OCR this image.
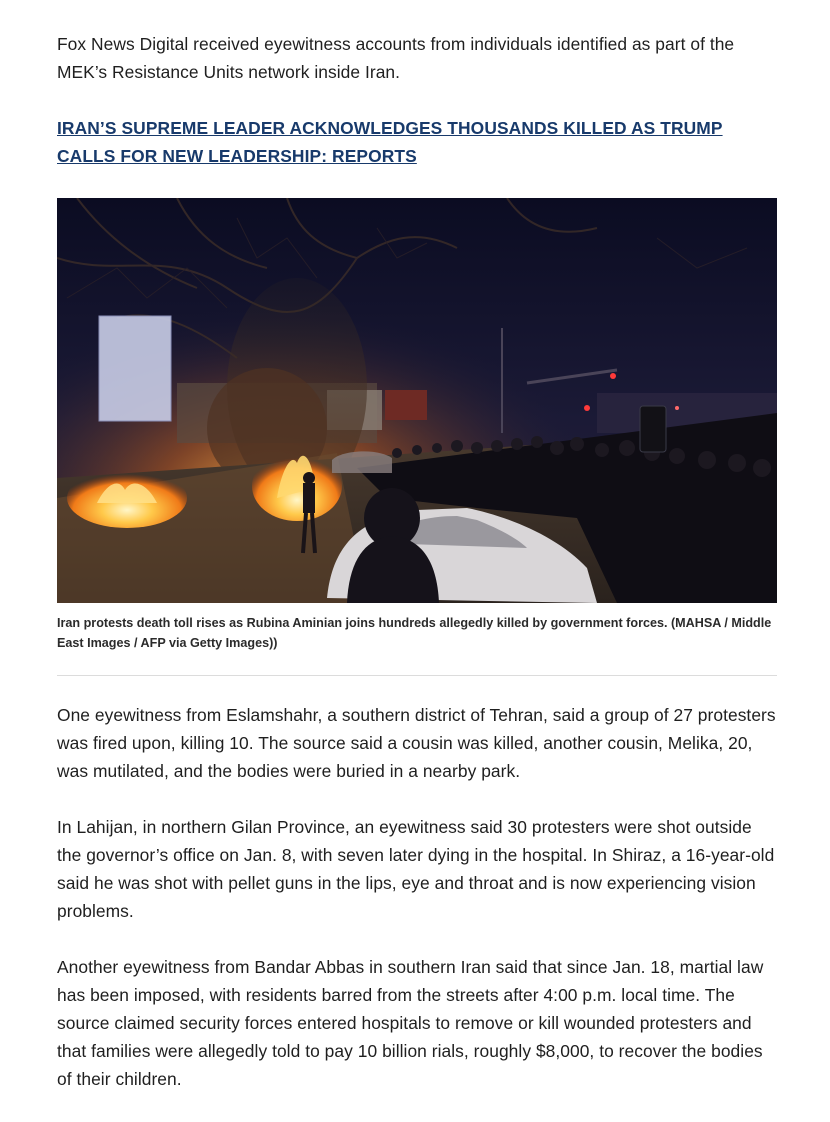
Fox News Digital received eyewitness accounts from individuals identified as part of the MEK’s Resistance Units network inside Iran.

IRAN’S SUPREME LEADER ACKNOWLEDGES THOUSANDS KILLED AS TRUMP CALLS FOR NEW LEADERSHIP: REPORTS
Iran protests death toll rises as Rubina Aminian joins hundreds allegedly killed by government forces. (MAHSA / Middle East Images / AFP via Getty Images))

One eyewitness from Eslamshahr, a southern district of Tehran, said a group of 27 protesters was fired upon, killing 10. The source said a cousin was killed, another cousin, Melika, 20, was mutilated, and the bodies were buried in a nearby park.

In Lahijan, in northern Gilan Province, an eyewitness said 30 protesters were shot outside the governor’s office on Jan. 8, with seven later dying in the hospital. In Shiraz, a 16-year-old said he was shot with pellet guns in the lips, eye and throat and is now experiencing vision problems.

Another eyewitness from Bandar Abbas in southern Iran said that since Jan. 18, martial law has been imposed, with residents barred from the streets after 4:00 p.m. local time. The source claimed security forces entered hospitals to remove or kill wounded protesters and that families were allegedly told to pay 10 billion rials, roughly $8,000, to recover the bodies of their children.
